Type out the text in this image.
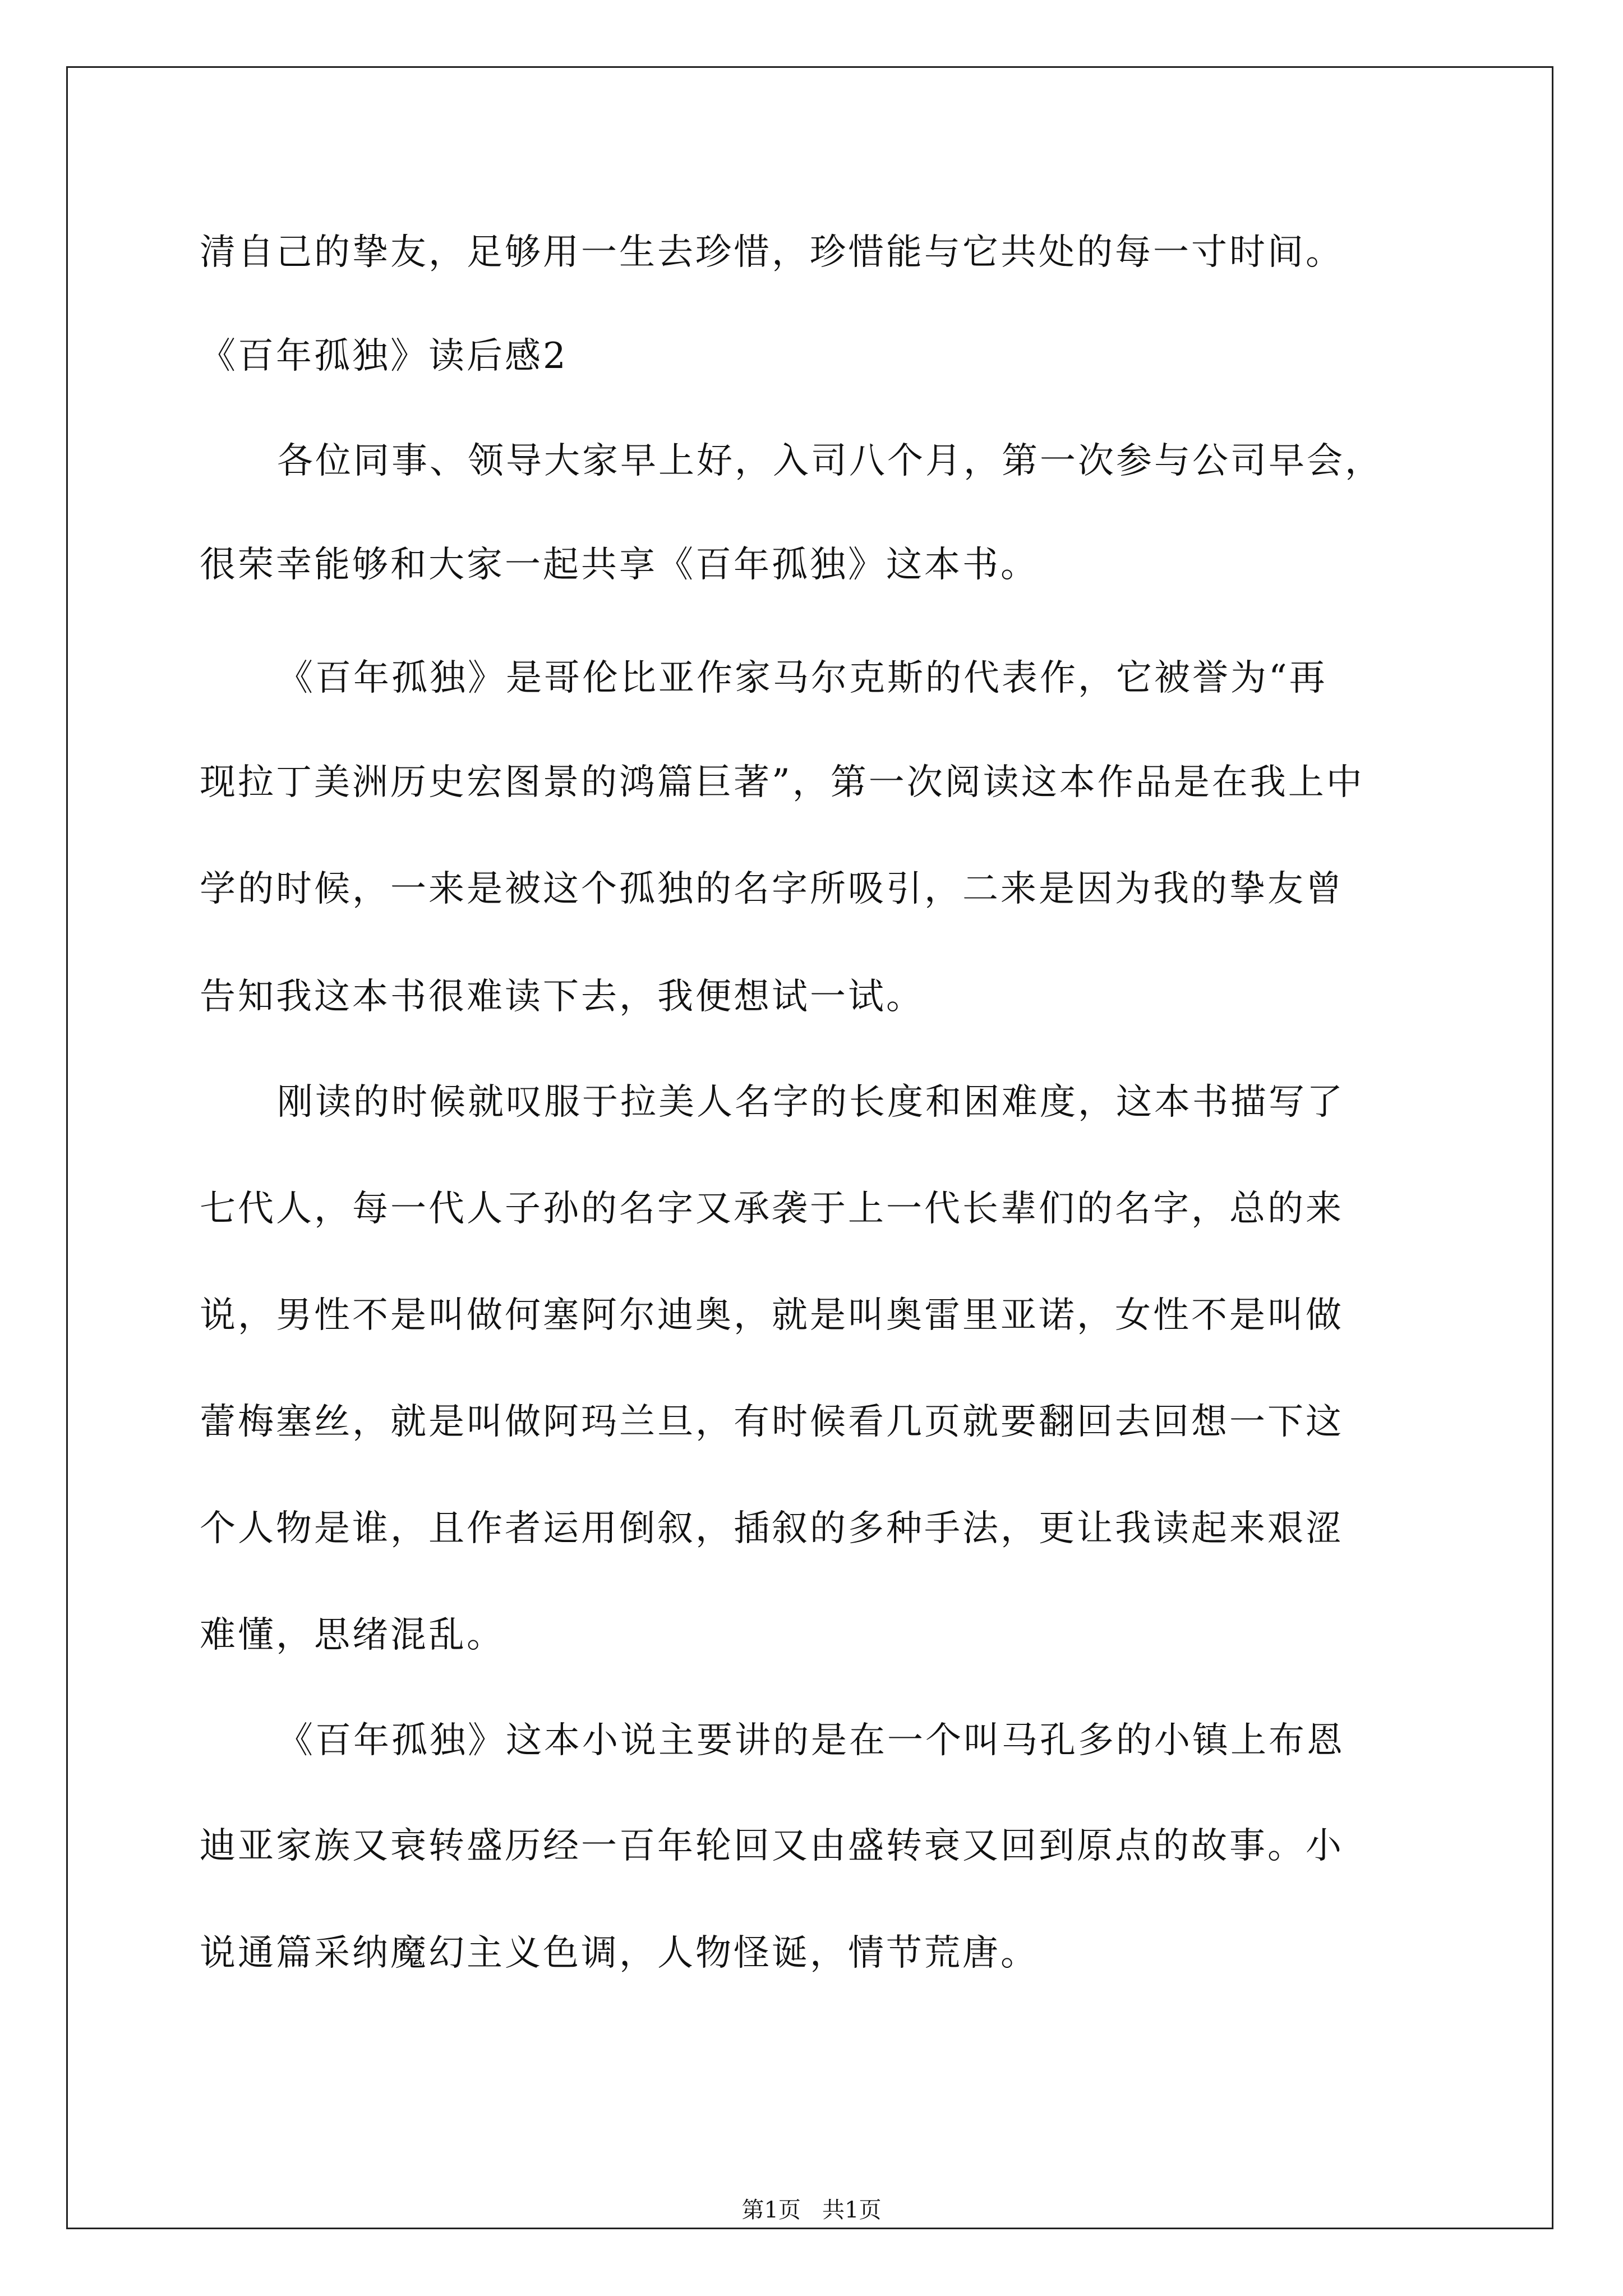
清自己的挚友，足够用一生去珍惜，珍惜能与它共处的每一寸时间。
《百年孤独》读后感2
各位同事、领导大家早上好，入司八个月，第一次参与公司早会，
很荣幸能够和大家一起共享《百年孤独》这本书。
《百年孤独》是哥伦比亚作家马尔克斯的代表作，它被誉为“再
现拉丁美洲历史宏图景的鸿篇巨著”，第一次阅读这本作品是在我上中
学的时候，一来是被这个孤独的名字所吸引，二来是因为我的挚友曾
告知我这本书很难读下去，我便想试一试。
刚读的时候就叹服于拉美人名字的长度和困难度，这本书描写了
七代人，每一代人子孙的名字又承袭于上一代长辈们的名字，总的来
说，男性不是叫做何塞阿尔迪奥，就是叫奥雷里亚诺，女性不是叫做
蕾梅塞丝，就是叫做阿玛兰旦，有时候看几页就要翻回去回想一下这
个人物是谁，且作者运用倒叙，插叙的多种手法，更让我读起来艰涩
难懂，思绪混乱。
《百年孤独》这本小说主要讲的是在一个叫马孔多的小镇上布恩
迪亚家族又衰转盛历经一百年轮回又由盛转衰又回到原点的故事。小
说通篇采纳魔幻主义色调，人物怪诞，情节荒唐。
第1页   共1页
